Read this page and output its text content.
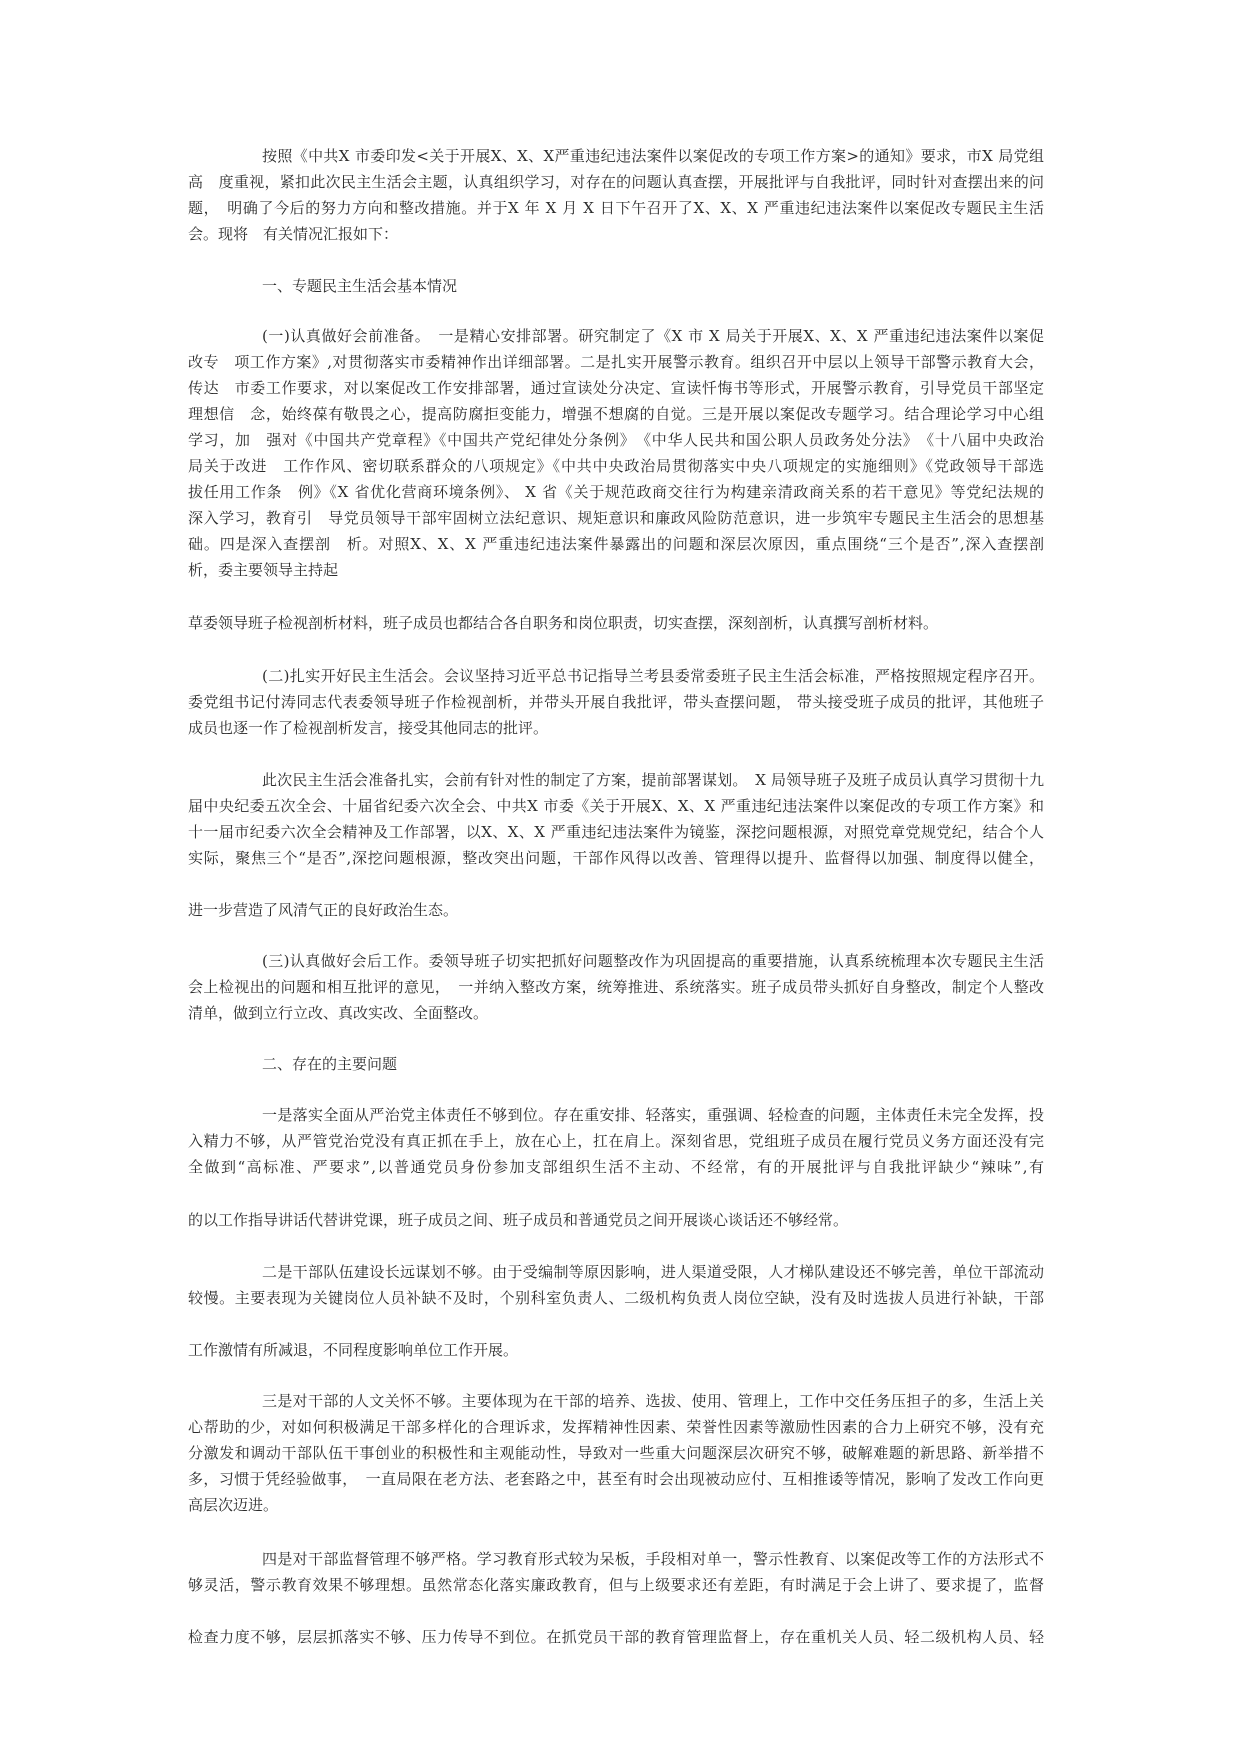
按照《中共X 市委印发<关于开展X、X、X严重违纪违法案件以案促改的专项工作方案>的通知》要求，市X 局党组
高　度重视，紧扣此次民主生活会主题，认真组织学习，对存在的问题认真查摆，开展批评与自我批评，同时针对查摆出来的问
题，　明确了今后的努力方向和整改措施。并于X 年 X 月 X 日下午召开了X、X、X 严重违纪违法案件以案促改专题民主生活
会。现将　有关情况汇报如下：
一、专题民主生活会基本情况
(一)认真做好会前准备。　一是精心安排部署。研究制定了《X 市 X 局关于开展X、X、X 严重违纪违法案件以案促
改专　项工作方案》,对贯彻落实市委精神作出详细部署。二是扎实开展警示教育。组织召开中层以上领导干部警示教育大会，
传达　市委工作要求，对以案促改工作安排部署，通过宣读处分决定、宣读忏悔书等形式，开展警示教育，引导党员干部坚定
理想信　念，始终葆有敬畏之心，提高防腐拒变能力，增强不想腐的自觉。三是开展以案促改专题学习。结合理论学习中心组
学习，加　强对《中国共产党章程》《中国共产党纪律处分条例》　《中华人民共和国公职人员政务处分法》　《十八届中央政治
局关于改进　工作作风、密切联系群众的八项规定》《中共中央政治局贯彻落实中央八项规定的实施细则》《党政领导干部选
拔任用工作条　例》《X 省优化营商环境条例》、 X 省《关于规范政商交往行为构建亲清政商关系的若干意见》等党纪法规的
深入学习，教育引　导党员领导干部牢固树立法纪意识、规矩意识和廉政风险防范意识，进一步筑牢专题民主生活会的思想基
础。四是深入查摆剖　析。对照X、X、X 严重违纪违法案件暴露出的问题和深层次原因，重点围绕“三个是否”,深入查摆剖
析，委主要领导主持起
草委领导班子检视剖析材料，班子成员也都结合各自职务和岗位职责，切实查摆，深刻剖析，认真撰写剖析材料。
(二)扎实开好民主生活会。会议坚持习近平总书记指导兰考县委常委班子民主生活会标准，严格按照规定程序召开。
委党组书记付涛同志代表委领导班子作检视剖析，并带头开展自我批评，带头查摆问题， 带头接受班子成员的批评，其他班子
成员也逐一作了检视剖析发言，接受其他同志的批评。
此次民主生活会准备扎实，会前有针对性的制定了方案，提前部署谋划。　X 局领导班子及班子成员认真学习贯彻十九
届中央纪委五次全会、十届省纪委六次全会、中共X 市委《关于开展X、X、X 严重违纪违法案件以案促改的专项工作方案》和
十一届市纪委六次全会精神及工作部署，以X、X、X 严重违纪违法案件为镜鉴，深挖问题根源，对照党章党规党纪，结合个人
实际，聚焦三个“是否”,深挖问题根源，整改突出问题，干部作风得以改善、管理得以提升、监督得以加强、制度得以健全，
进一步营造了风清气正的良好政治生态。
(三)认真做好会后工作。委领导班子切实把抓好问题整改作为巩固提高的重要措施，认真系统梳理本次专题民主生活
会上检视出的问题和相互批评的意见，　一并纳入整改方案，统筹推进、系统落实。班子成员带头抓好自身整改，制定个人整改
清单，做到立行立改、真改实改、全面整改。
二、存在的主要问题
一是落实全面从严治党主体责任不够到位。存在重安排、轻落实，重强调、轻检查的问题，主体责任未完全发挥，投
入精力不够，从严管党治党没有真正抓在手上，放在心上，扛在肩上。深刻省思，党组班子成员在履行党员义务方面还没有完
全做到“高标准、严要求”,以普通党员身份参加支部组织生活不主动、不经常，有的开展批评与自我批评缺少“辣味”,有
的以工作指导讲话代替讲党课，班子成员之间、班子成员和普通党员之间开展谈心谈话还不够经常。
二是干部队伍建设长远谋划不够。由于受编制等原因影响，进人渠道受限，人才梯队建设还不够完善，单位干部流动
较慢。主要表现为关键岗位人员补缺不及时，个别科室负责人、二级机构负责人岗位空缺，没有及时选拔人员进行补缺，干部
工作激情有所减退，不同程度影响单位工作开展。
三是对干部的人文关怀不够。主要体现为在干部的培养、选拔、使用、管理上，工作中交任务压担子的多，生活上关
心帮助的少，对如何积极满足干部多样化的合理诉求，发挥精神性因素、荣誉性因素等激励性因素的合力上研究不够，没有充
分激发和调动干部队伍干事创业的积极性和主观能动性，导致对一些重大问题深层次研究不够，破解难题的新思路、新举措不
多，习惯于凭经验做事，　一直局限在老方法、老套路之中，甚至有时会出现被动应付、互相推诿等情况，影响了发改工作向更
高层次迈进。
四是对干部监督管理不够严格。学习教育形式较为呆板，手段相对单一，警示性教育、以案促改等工作的方法形式不
够灵活，警示教育效果不够理想。虽然常态化落实廉政教育，但与上级要求还有差距，有时满足于会上讲了、要求提了，监督
检查力度不够，层层抓落实不够、压力传导不到位。在抓党员干部的教育管理监督上，存在重机关人员、轻二级机构人员、轻
